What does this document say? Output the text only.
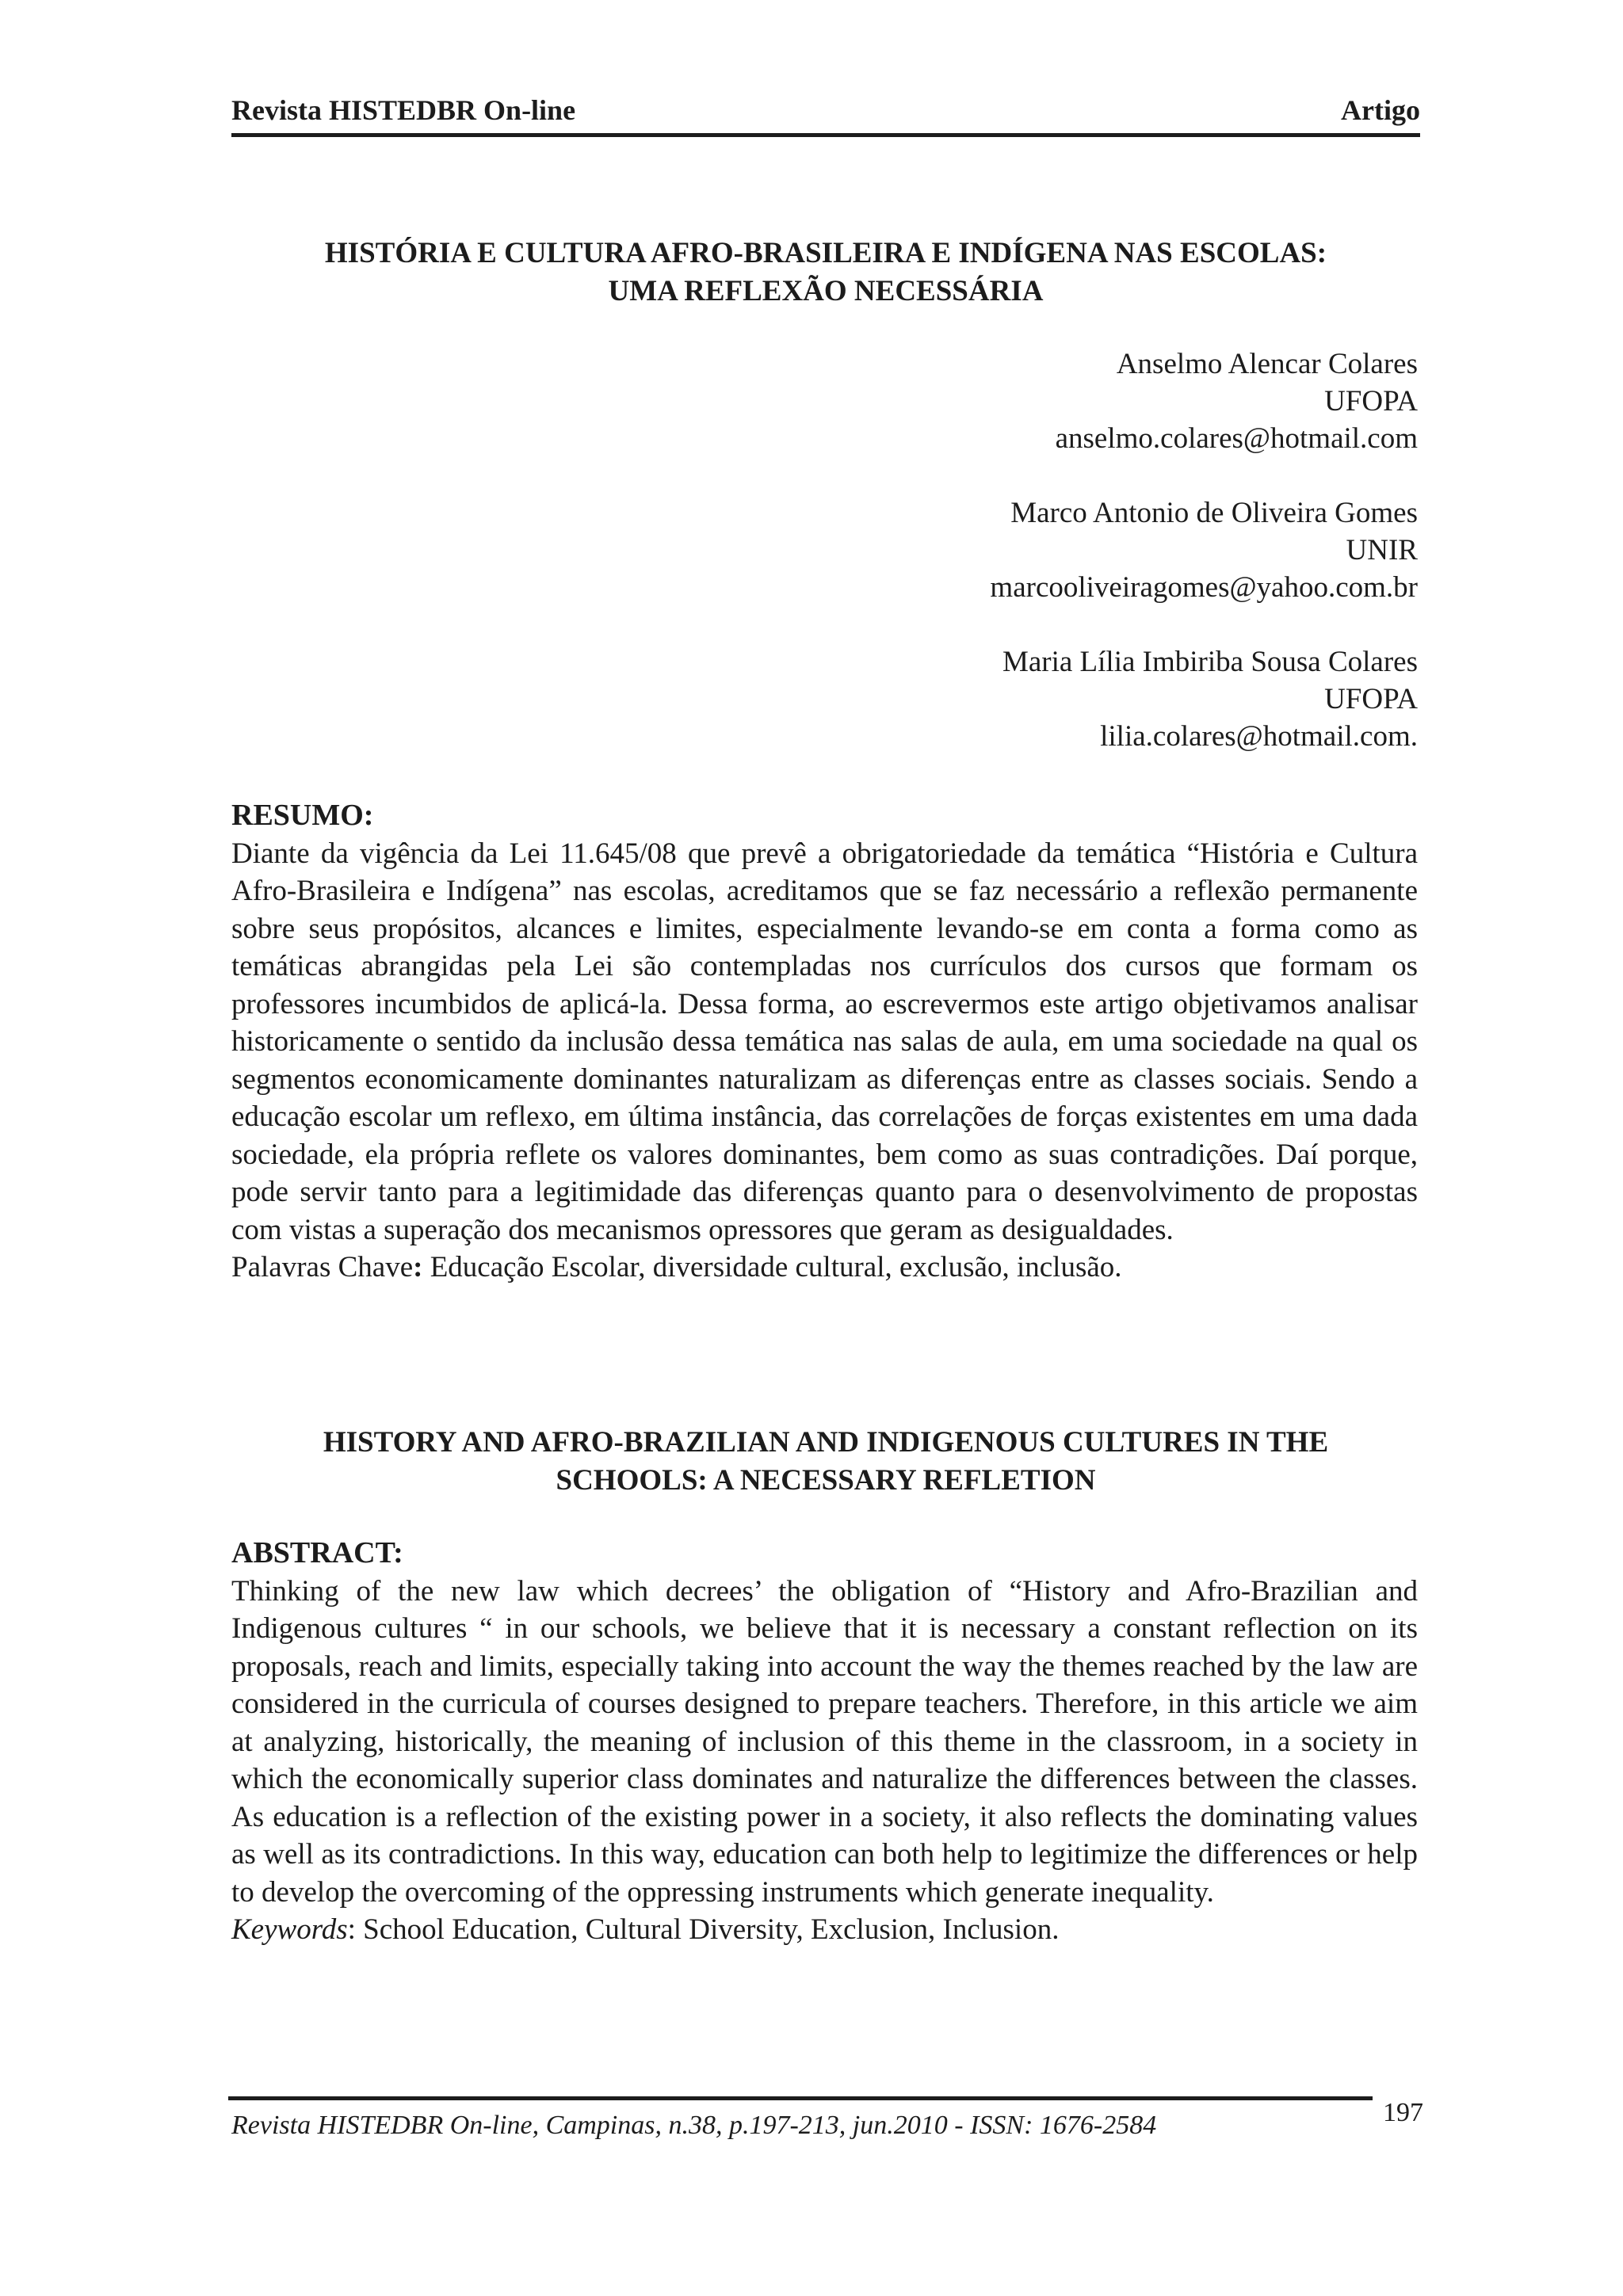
Revista HISTEDBR On-line	Artigo
HISTÓRIA E CULTURA AFRO-BRASILEIRA E INDÍGENA NAS ESCOLAS:
UMA REFLEXÃO NECESSÁRIA
Anselmo Alencar Colares
UFOPA
anselmo.colares@hotmail.com
Marco Antonio de Oliveira Gomes
UNIR
marcooliveiragomes@yahoo.com.br
Maria Lília Imbiriba Sousa Colares
UFOPA
lilia.colares@hotmail.com.
RESUMO:
Diante da vigência da Lei 11.645/08 que prevê a obrigatoriedade da temática “História e Cultura Afro-Brasileira e Indígena” nas escolas, acreditamos que se faz necessário a reflexão permanente sobre seus propósitos, alcances e limites, especialmente levando-se em conta a forma como as temáticas abrangidas pela Lei são contempladas nos currículos dos cursos que formam os professores incumbidos de aplicá-la. Dessa forma, ao escrevermos este artigo objetivamos analisar historicamente o sentido da inclusão dessa temática nas salas de aula, em uma sociedade na qual os segmentos economicamente dominantes naturalizam as diferenças entre as classes sociais. Sendo a educação escolar um reflexo, em última instância, das correlações de forças existentes em uma dada sociedade, ela própria reflete os valores dominantes, bem como as suas contradições. Daí porque, pode servir tanto para a legitimidade das diferenças quanto para o desenvolvimento de propostas com vistas a superação dos mecanismos opressores que geram as desigualdades.
Palavras Chave: Educação Escolar, diversidade cultural, exclusão, inclusão.
HISTORY AND AFRO-BRAZILIAN AND INDIGENOUS CULTURES IN THE
SCHOOLS: A NECESSARY REFLETION
ABSTRACT:
Thinking of the new law which decrees’ the obligation of “History and Afro-Brazilian and Indigenous cultures “ in our schools, we believe that it is necessary a constant reflection on its proposals, reach and limits, especially taking into account the way the themes reached by the law are considered in the curricula of courses designed to prepare teachers. Therefore, in this article we aim at analyzing, historically, the meaning of inclusion of this theme in the classroom, in a society in which the economically superior class dominates and naturalize the differences between the classes. As education is a reflection of the existing power in a society, it also reflects the dominating values as well as its contradictions. In this way, education can both help to legitimize the differences or help to develop the overcoming of the oppressing instruments which generate inequality.
Keywords: School Education, Cultural Diversity, Exclusion, Inclusion.
Revista HISTEDBR On-line, Campinas, n.38, p.197-213, jun.2010 - ISSN: 1676-2584	197
